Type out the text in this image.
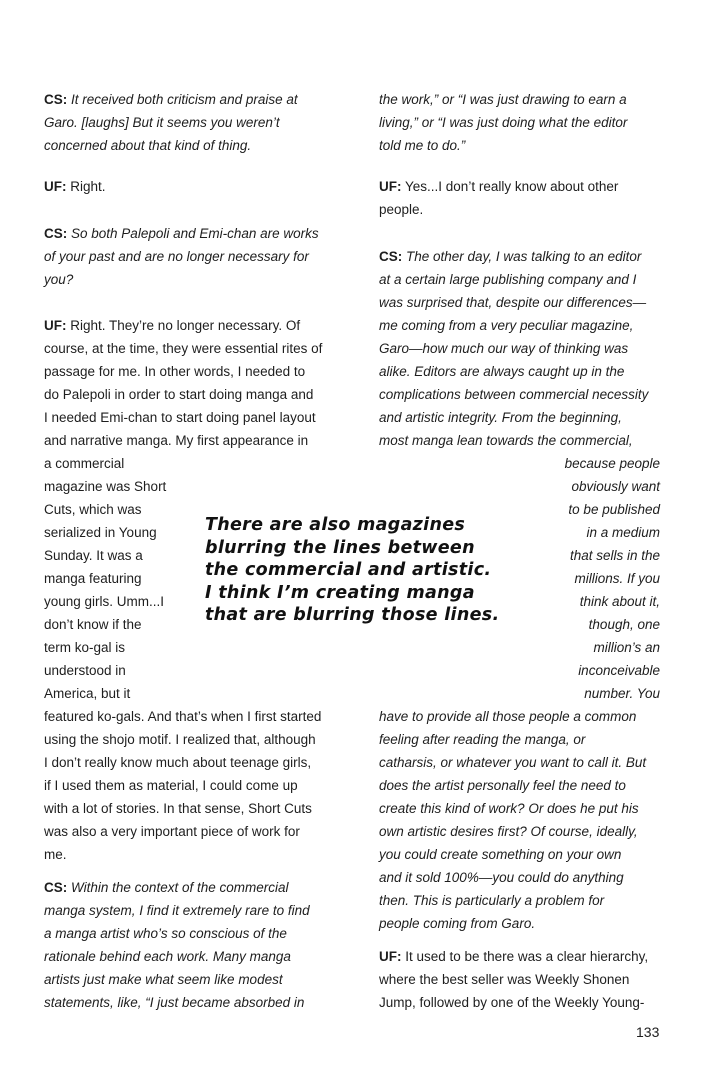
CS: It received both criticism and praise at
Garo. [laughs] But it seems you weren’t
concerned about that kind of thing.
UF: Right.
CS: So both Palepoli and Emi-chan are works
of your past and are no longer necessary for
you?
UF: Right. They’re no longer necessary. Of
course, at the time, they were essential rites of
passage for me. In other words, I needed to
do Palepoli in order to start doing manga and
I needed Emi-chan to start doing panel layout
and narrative manga. My first appearance in
a commercial
magazine was Short
Cuts, which was
serialized in Young
Sunday. It was a
manga featuring
young girls. Umm...I
don’t know if the
term ko-gal is
understood in
America, but it
featured ko-gals. And that’s when I first started
using the shojo motif. I realized that, although
I don’t really know much about teenage girls,
if I used them as material, I could come up
with a lot of stories. In that sense, Short Cuts
was also a very important piece of work for
me.
CS: Within the context of the commercial
manga system, I find it extremely rare to find
a manga artist who’s so conscious of the
rationale behind each work. Many manga
artists just make what seem like modest
statements, like, “I just became absorbed in
There are also magazines
blurring the lines between
the commercial and artistic.
I think I’m creating manga
that are blurring those lines.
the work,” or “I was just drawing to earn a
living,” or “I was just doing what the editor
told me to do.”
UF: Yes...I don’t really know about other
people.
CS: The other day, I was talking to an editor
at a certain large publishing company and I
was surprised that, despite our differences—
me coming from a very peculiar magazine,
Garo—how much our way of thinking was
alike. Editors are always caught up in the
complications between commercial necessity
and artistic integrity. From the beginning,
most manga lean towards the commercial,
because people
obviously want
to be published
in a medium
that sells in the
millions. If you
think about it,
though, one
million’s an
inconceivable
number. You
have to provide all those people a common
feeling after reading the manga, or
catharsis, or whatever you want to call it. But
does the artist personally feel the need to
create this kind of work? Or does he put his
own artistic desires first? Of course, ideally,
you could create something on your own
and it sold 100%—you could do anything
then. This is particularly a problem for
people coming from Garo.
UF: It used to be there was a clear hierarchy,
where the best seller was Weekly Shonen
Jump, followed by one of the Weekly Young-
133
